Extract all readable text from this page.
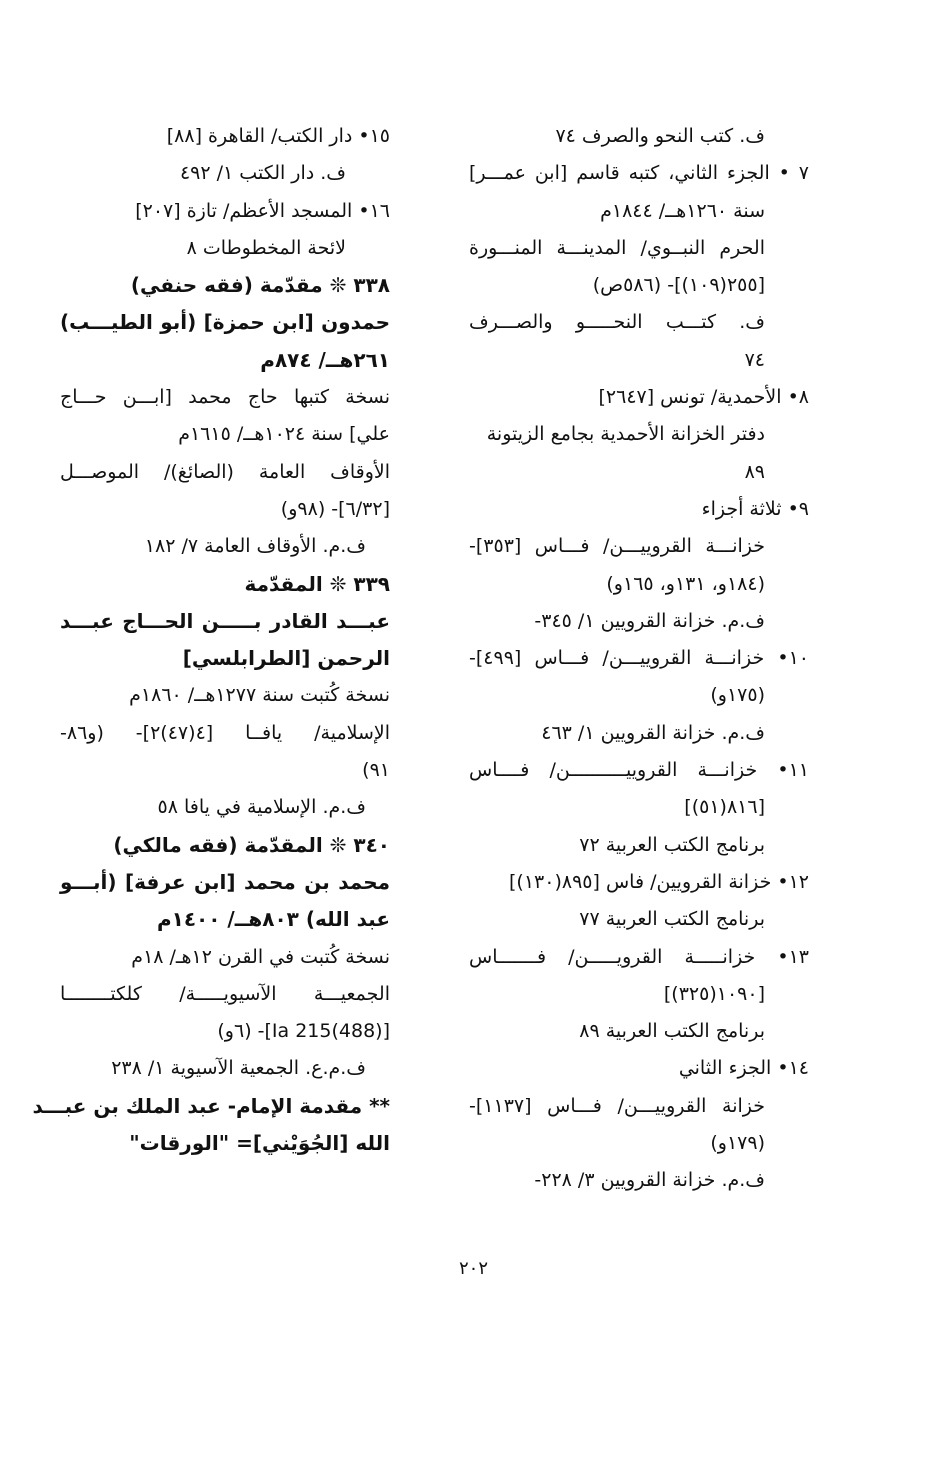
ف. كتب النحو والصرف ٧٤
٧ • الجزء الثاني، كتبه قاسم [ابن عمـــر]
سنة ١٢٦٠هــ/ ١٨٤٤م
الحرم النبــوي/ المدينـــة المنـــورة
[٢٥٥(١٠٩)]- (٥٨٦ص)
ف. كتـــب النحـــــو والصـــرف
٧٤
٨• الأحمدية/ تونس [٢٦٤٧]
دفتر الخزانة الأحمدية بجامع الزيتونة
٨٩
٩• ثلاثة أجزاء
خزانـــة القروييـــن/ فـــاس [٣٥٣]-
(١٨٤و، ١٣١و، ١٦٥و)
ف.م. خزانة القرويين ١/ ٣٤٥-
١٠• خزانـــة القروييـــن/ فـــاس [٤٩٩]-
(١٧٥و)
ف.م. خزانة القرويين ١/ ٤٦٣
١١• خزانـــة القروييــــــــــن/ فــــاس
[٨١٦(٥١)]
برنامج الكتب العربية ٧٢
١٢• خزانة القرويين/ فاس [٨٩٥(١٣٠)]
برنامج الكتب العربية ٧٧
١٣• خزانـــــة القرويـــــن/ فـــــــاس
[١٠٩٠(٣٢٥)]
برنامج الكتب العربية ٨٩
١٤• الجزء الثاني
خزانة القروييـــن/ فـــاس [١١٣٧]-
(١٧٩و)
ف.م. خزانة القرويين ٣/ ٢٢٨-
١٥• دار الكتب/ القاهرة [٨٨]
ف. دار الكتب ١/ ٤٩٢
١٦• المسجد الأعظم/ تازة [٢٠٧]
لائحة المخطوطات ٨
٣٣٨ ❊ مقدّمة (فقه حنفي)
حمدون [ابن حمزة] (أبو الطيـــب)
٢٦١هــ/ ٨٧٤م
نسخة كتبها حاج محمد [ابـــن حـــاج
علي] سنة ١٠٢٤هــ/ ١٦١٥م
الأوقاف العامة (الصائغ)/ الموصـــل
[٦/٣٢]- (٩٨و)
ف.م. الأوقاف العامة ٧/ ١٨٢
٣٣٩ ❊ المقدّمة
عبـــد القادر بـــــن الحـــاج عبـــد
الرحمن [الطرابلسي]
نسخة كُتبت سنة ١٢٧٧هــ/ ١٨٦٠م
الإسلامية/ يافــا [٤(٤٧)٢]- (و٨٦-
٩١)
ف.م. الإسلامية في يافا ٥٨
٣٤٠ ❊ المقدّمة (فقه مالكي)
محمد بن محمد [ابن عرفة] (أبـــو
عبد الله) ٨٠٣هــ/ ١٤٠٠م
نسخة كُتبت في القرن ١٢هـ/ ١٨م
الجمعيـــة الآسيويـــــة/ كلكتــــــــا
[Ia 215(488)]- (٦و)
ف.م.ع. الجمعية الآسيوية ١/ ٢٣٨
** مقدمة الإمام- عبد الملك بن عبـــد
الله [الجُوَيْني]= "الورقات"
٢٠٢
